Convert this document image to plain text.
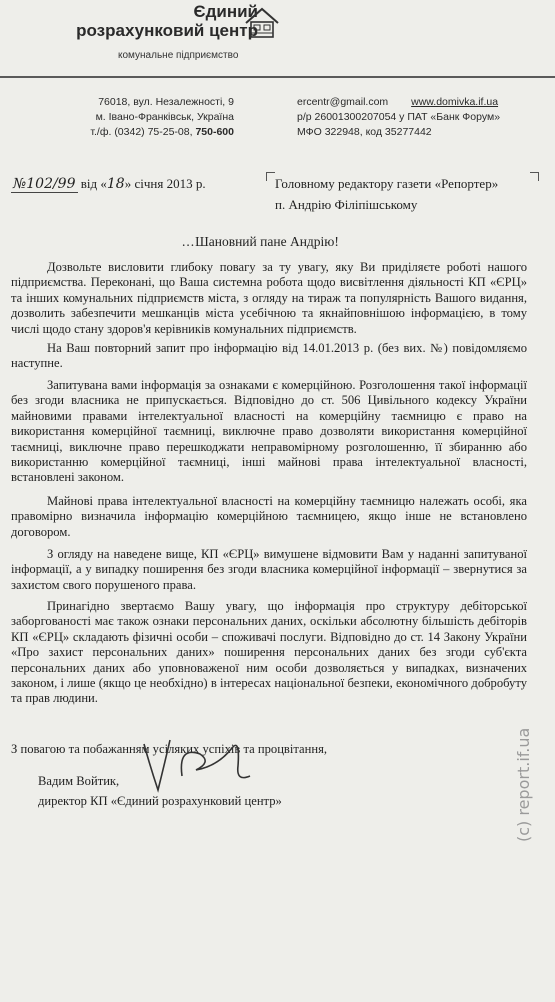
Єдиний
розрахунковий центр
комунальне підприємство
76018, вул. Незалежності, 9
м. Івано-Франківськ, Україна
т./ф. (0342) 75-25-08, 750-600
ercentr@gmail.com www.domivka.if.ua
р/р 26001300207054 у ПАТ «Банк Форум»
МФО 322948, код 35277442
№102/99 від «18» січня 2013 р.	Головному редактору газети «Репортер»
п. Андрію Філіпішському
...Шановний пане Андрію!
Дозвольте висловити глибоку повагу за ту увагу, яку Ви приділяєте роботі нашого підприємства. Переконані, що Ваша системна робота щодо висвітлення діяльності КП «ЄРЦ» та інших комунальних підприємств міста, з огляду на тираж та популярність Вашого видання, дозволить забезпечити мешканців міста усебічною та якнайповнішою інформацією, в тому числі щодо стану здоров'я керівників комунальних підприємств.
На Ваш повторний запит про інформацію від 14.01.2013 р. (без вих. №) повідомляємо наступне.
Запитувана вами інформація за ознаками є комерційною. Розголошення такої інформації без згоди власника не припускається. Відповідно до ст. 506 Цивільного кодексу України майновими правами інтелектуальної власності на комерційну таємницю є право на використання комерційної таємниці, виключне право дозволяти використання комерційної таємниці, виключне право перешкоджати неправомірному розголошенню, її збиранню або використанню комерційної таємниці, інші майнові права інтелектуальної власності, встановлені законом.
Майнові права інтелектуальної власності на комерційну таємницю належать особі, яка правомірно визначила інформацію комерційною таємницею, якщо інше не встановлено договором.
З огляду на наведене вище, КП «ЄРЦ» вимушене відмовити Вам у наданні запитуваної інформації, а у випадку поширення без згоди власника комерційної інформації – звернутися за захистом свого порушеного права.
Принагідно звертаємо Вашу увагу, що інформація про структуру дебіторської заборгованості має також ознаки персональних даних, оскільки абсолютну більшість дебіторів КП «ЄРЦ» складають фізичні особи – споживачі послуги. Відповідно до ст. 14 Закону України «Про захист персональних даних» поширення персональних даних без згоди суб'єкта персональних даних або уповноваженої ним особи дозволяється у випадках, визначених законом, і лише (якщо це необхідно) в інтересах національної безпеки, економічного добробуту та прав людини.
З повагою та побажанням усіляких успіхів та процвітання,
Вадим Войтик,
директор КП «Єдиний розрахунковий центр»	(c) report.if.ua
